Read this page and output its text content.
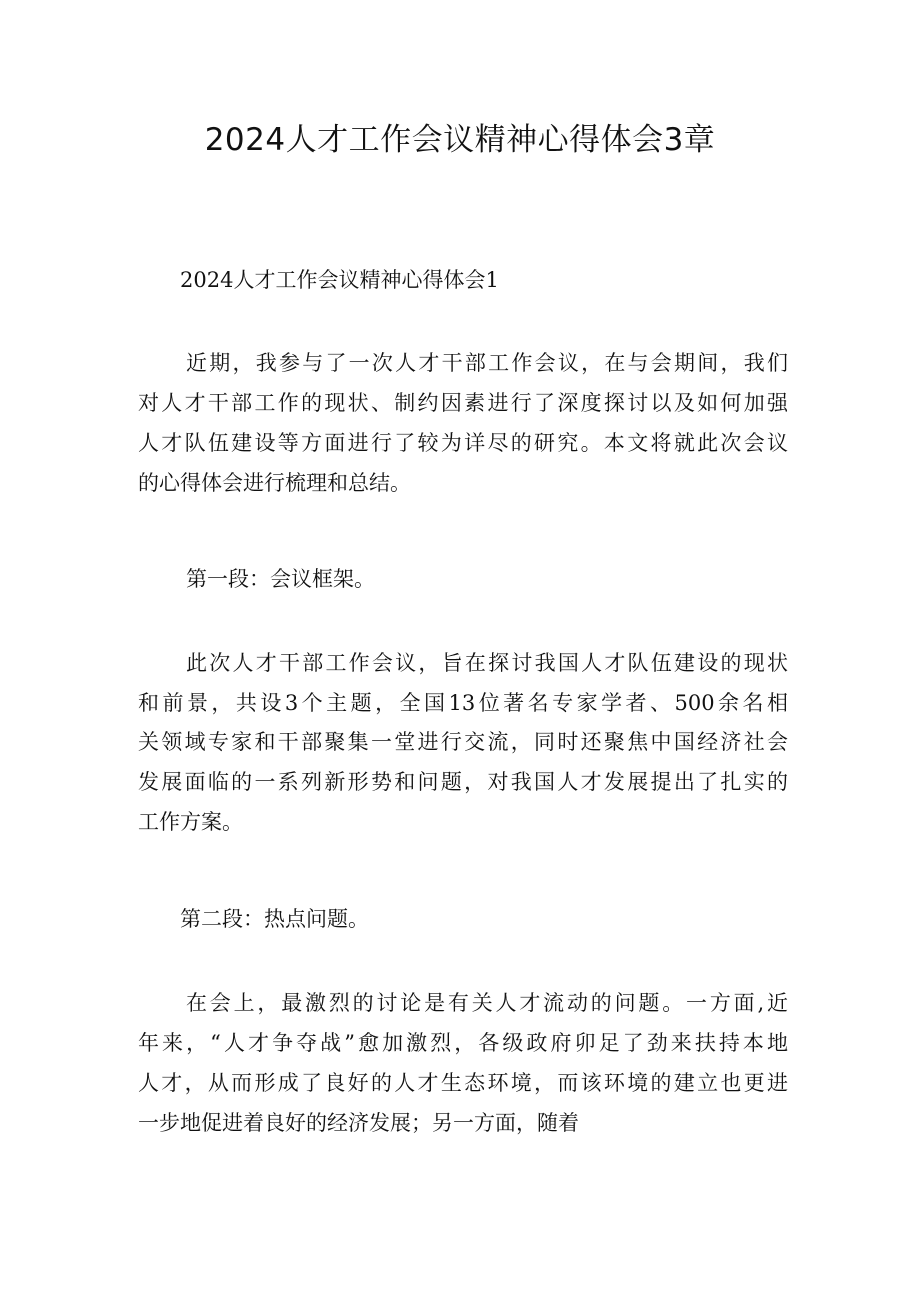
2024人才工作会议精神心得体会3章
2024人才工作会议精神心得体会1
近期，我参与了一次人才干部工作会议，在与会期间，我们
对人才干部工作的现状、制约因素进行了深度探讨以及如何加强
人才队伍建设等方面进行了较为详尽的研究。本文将就此次会议
的心得体会进行梳理和总结。
第一段：会议框架。
此次人才干部工作会议，旨在探讨我国人才队伍建设的现状
和前景，共设3个主题，全国13位著名专家学者、500余名相
关领域专家和干部聚集一堂进行交流，同时还聚焦中国经济社会
发展面临的一系列新形势和问题，对我国人才发展提出了扎实的
工作方案。
第二段：热点问题。
在会上，最激烈的讨论是有关人才流动的问题。一方面,近
年来，“人才争夺战”愈加激烈，各级政府卯足了劲来扶持本地
人才，从而形成了良好的人才生态环境，而该环境的建立也更进
一步地促进着良好的经济发展；另一方面，随着
